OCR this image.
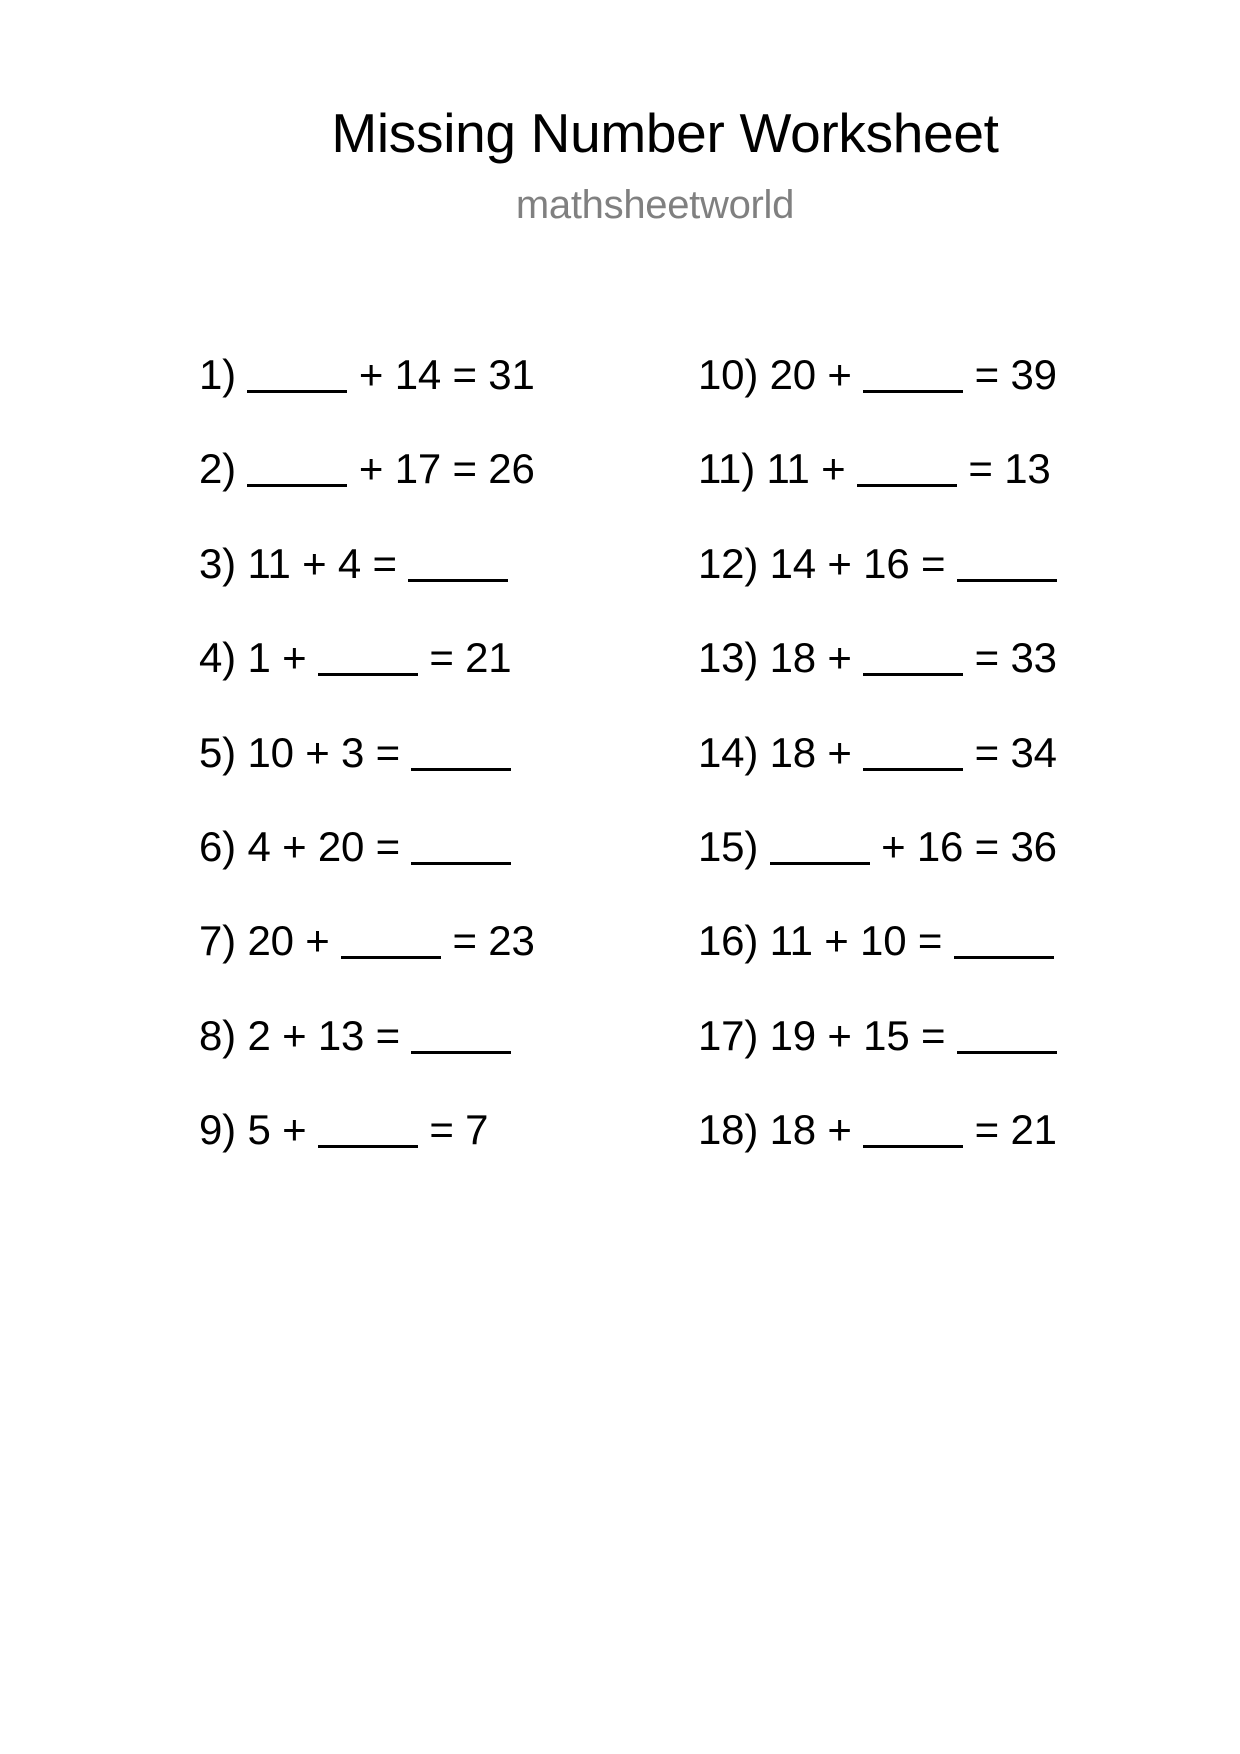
Missing Number Worksheet
mathsheetworld
1)	+ 14 = 31
2)	+ 17 = 26
3) 11 + 4 =
4) 1 +  = 21
5) 10 + 3 =
6) 4 + 20 =
7) 20 +  = 23
8) 2 + 13 =
9) 5 +  = 7
10) 20 +  = 39
11) 11 +  = 13
12) 14 + 16 =
13) 18 +  = 33
14) 18 +  = 34
15)	+ 16 = 36
16) 11 + 10 =
17) 19 + 15 =
18) 18 +  = 21
